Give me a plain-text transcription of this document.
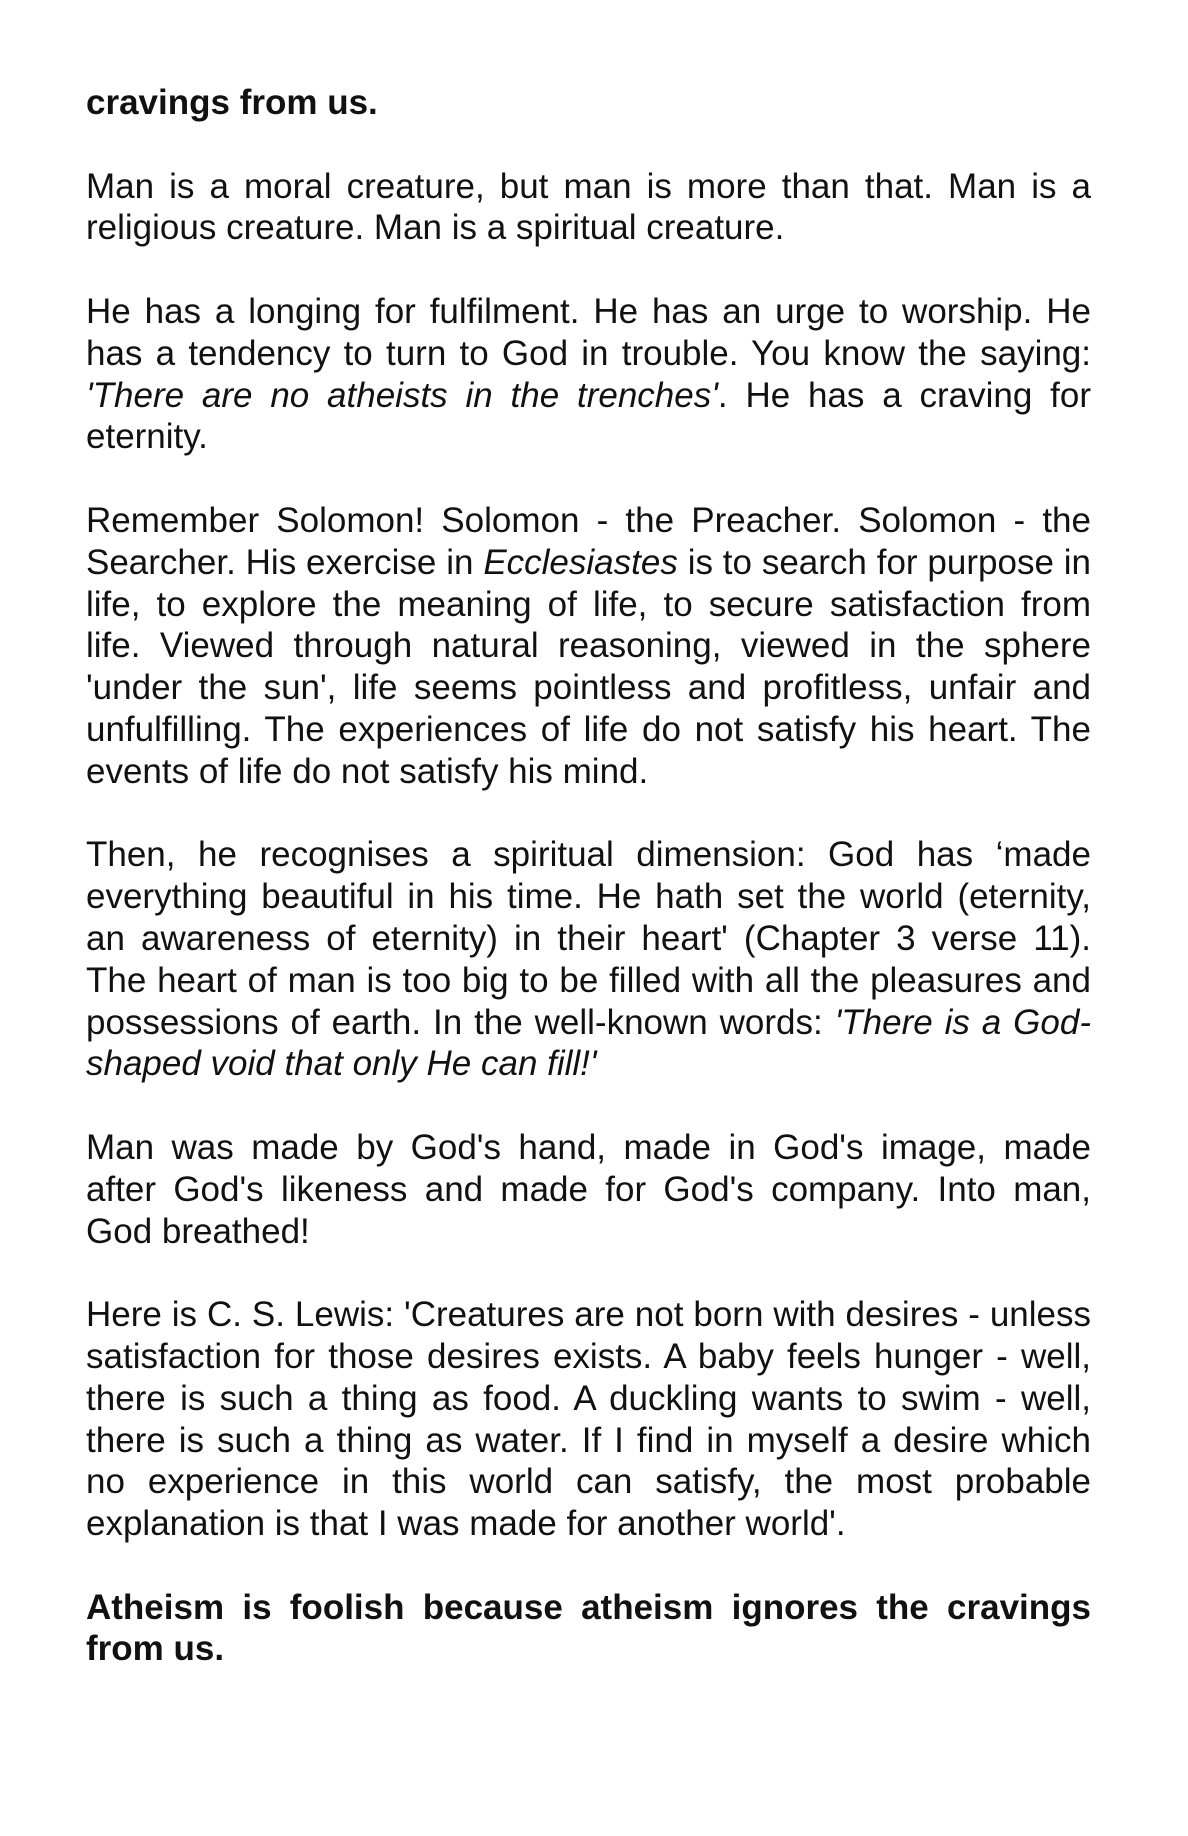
cravings from us.

Man is a moral creature, but man is more than that. Man is a religious creature. Man is a spiritual creature.

He has a longing for fulfilment. He has an urge to worship. He has a tendency to turn to God in trouble. You know the saying: 'There are no atheists in the trenches'. He has a craving for eternity.

Remember Solomon! Solomon - the Preacher. Solomon - the Searcher. His exercise in Ecclesiastes is to search for purpose in life, to explore the meaning of life, to secure satisfaction from life. Viewed through natural reasoning, viewed in the sphere 'under the sun', life seems pointless and profitless, unfair and unfulfilling. The experiences of life do not satisfy his heart. The events of life do not satisfy his mind.

Then, he recognises a spiritual dimension: God has ‘made everything beautiful in his time. He hath set the world (eternity, an awareness of eternity) in their heart' (Chapter 3 verse 11). The heart of man is too big to be filled with all the pleasures and possessions of earth. In the well-known words: 'There is a God-shaped void that only He can fill!'

Man was made by God's hand, made in God's image, made after God's likeness and made for God's company. Into man, God breathed!

Here is C. S. Lewis: 'Creatures are not born with desires - unless satisfaction for those desires exists. A baby feels hunger - well, there is such a thing as food. A duckling wants to swim - well, there is such a thing as water. If I find in myself a desire which no experience in this world can satisfy, the most probable explanation is that I was made for another world'.

Atheism is foolish because atheism ignores the cravings from us.
